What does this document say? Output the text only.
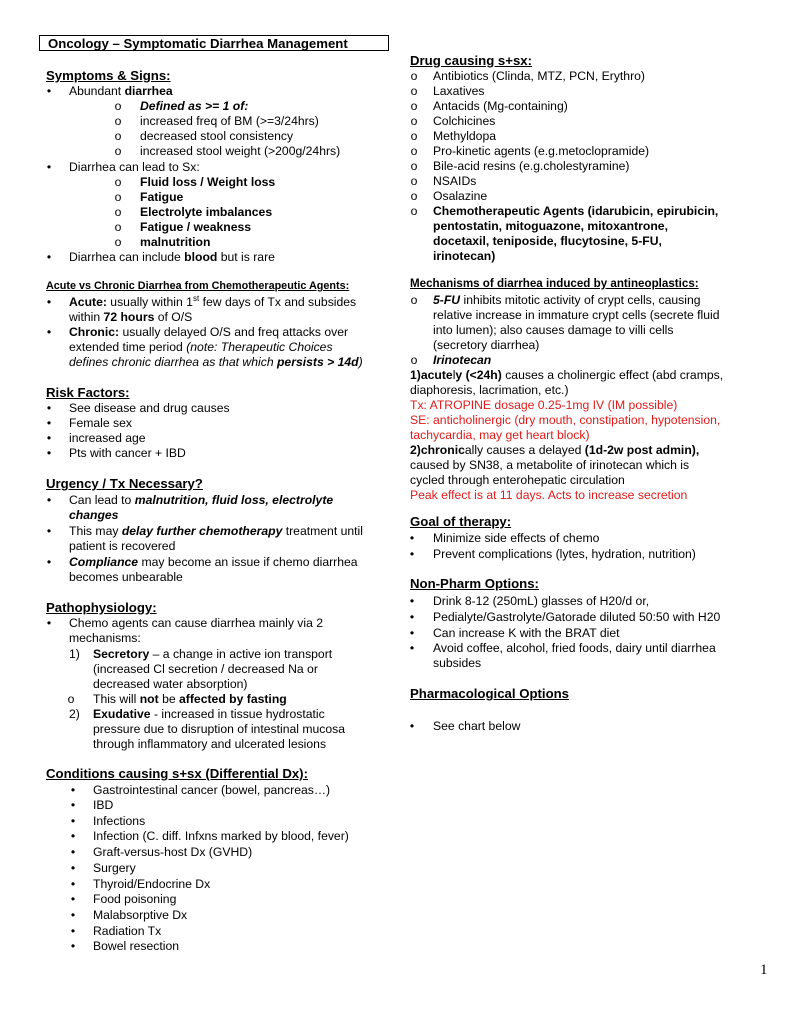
Oncology – Symptomatic Diarrhea Management
Symptoms & Signs:
• Abundant diarrhea
o Defined as >= 1 of:
o increased freq of BM (>=3/24hrs)
o decreased stool consistency
o increased stool weight (>200g/24hrs)
• Diarrhea can lead to Sx:
o Fluid loss / Weight loss
o Fatigue
o Electrolyte imbalances
o Fatigue / weakness
o malnutrition
• Diarrhea can include blood but is rare
Acute vs Chronic Diarrhea from Chemotherapeutic Agents:
• Acute: usually within 1st few days of Tx and subsides
within 72 hours of O/S
• Chronic: usually delayed O/S and freq attacks over
extended time period (note: Therapeutic Choices
defines chronic diarrhea as that which persists > 14d)
Risk Factors:
• See disease and drug causes
• Female sex
• increased age
• Pts with cancer + IBD
Urgency / Tx Necessary?
• Can lead to malnutrition, fluid loss, electrolyte
changes
• This may delay further chemotherapy treatment until
patient is recovered
• Compliance may become an issue if chemo diarrhea
becomes unbearable
Pathophysiology:
• Chemo agents can cause diarrhea mainly via 2
mechanisms:
1) Secretory – a change in active ion transport
(increased Cl secretion / decreased Na or
decreased water absorption)
o This will not be affected by fasting
2) Exudative - increased in tissue hydrostatic
pressure due to disruption of intestinal mucosa
through inflammatory and ulcerated lesions
Conditions causing s+sx (Differential Dx):
• Gastrointestinal cancer (bowel, pancreas…)
• IBD
• Infections
• Infection (C. diff. Infxns marked by blood, fever)
• Graft-versus-host Dx (GVHD)
• Surgery
• Thyroid/Endocrine Dx
• Food poisoning
• Malabsorptive Dx
• Radiation Tx
• Bowel resection
Drug causing s+sx:
o Antibiotics (Clinda, MTZ, PCN, Erythro)
o Laxatives
o Antacids (Mg-containing)
o Colchicines
o Methyldopa
o Pro-kinetic agents (e.g.metoclopramide)
o Bile-acid resins (e.g.cholestyramine)
o NSAIDs
o Osalazine
o Chemotherapeutic Agents (idarubicin, epirubicin,
pentostatin, mitoguazone, mitoxantrone,
docetaxil, teniposide, flucytosine, 5-FU,
irinotecan)
Mechanisms of diarrhea induced by antineoplastics:
o 5-FU inhibits mitotic activity of crypt cells, causing
relative increase in immature crypt cells (secrete fluid
into lumen); also causes damage to villi cells
(secretory diarrhea)
o Irinotecan
1)acutely (<24h) causes a cholinergic effect (abd cramps,
diaphoresis, lacrimation, etc.)
Tx: ATROPINE dosage 0.25-1mg IV (IM possible)
SE: anticholinergic (dry mouth, constipation, hypotension,
tachycardia, may get heart block)
2)chronically causes a delayed (1d-2w post admin),
caused by SN38, a metabolite of irinotecan which is
cycled through enterohepatic circulation
Peak effect is at 11 days. Acts to increase secretion
Goal of therapy:
• Minimize side effects of chemo
• Prevent complications (lytes, hydration, nutrition)
Non-Pharm Options:
• Drink 8-12 (250mL) glasses of H20/d or,
• Pedialyte/Gastrolyte/Gatorade diluted 50:50 with H20
• Can increase K with the BRAT diet
• Avoid coffee, alcohol, fried foods, dairy until diarrhea
subsides
Pharmacological Options
• See chart below
1
